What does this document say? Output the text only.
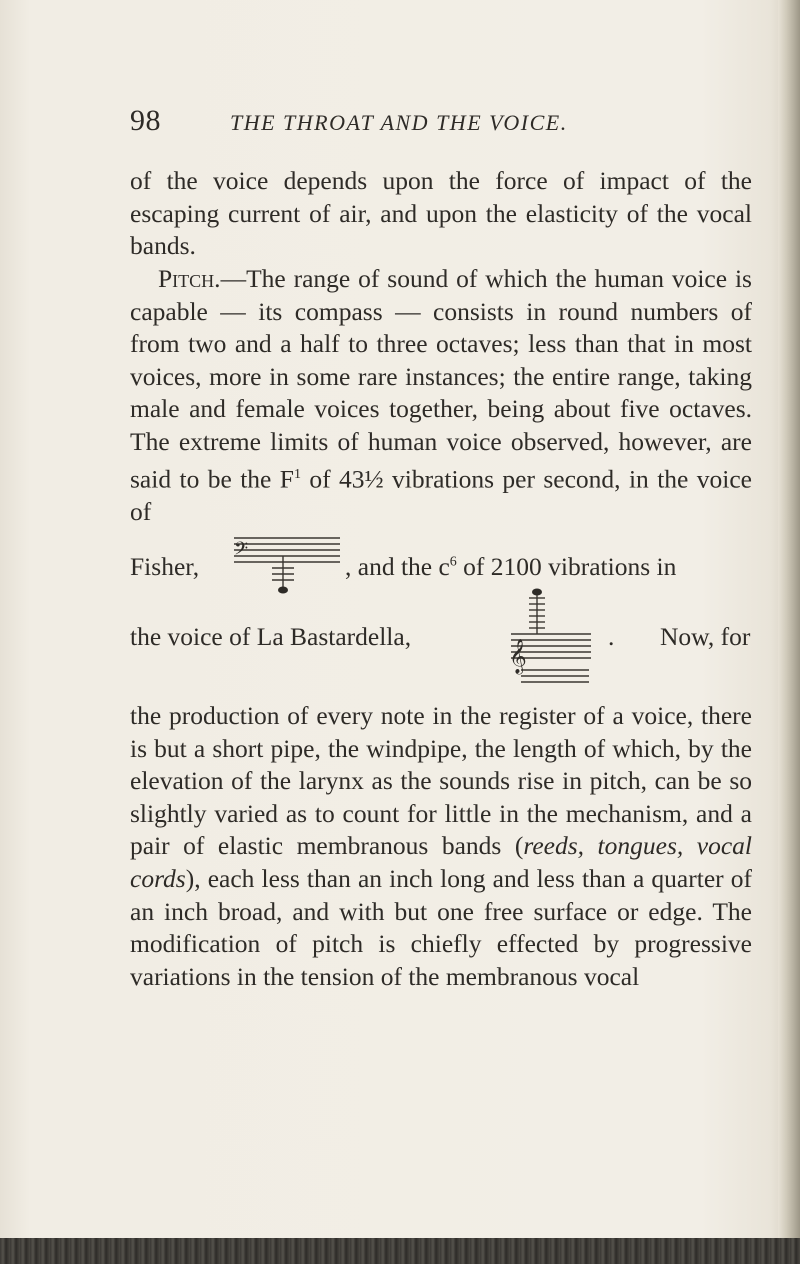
98	THE THROAT AND THE VOICE.

of the voice depends upon the force of impact of the escaping current of air, and upon the elasticity of the vocal bands.

Pitch.—The range of sound of which the human voice is capable — its compass — consists in round numbers of from two and a half to three octaves; less than that in most voices, more in some rare instances; the entire range, taking male and female voices together, being about five octaves. The extreme limits of human voice observed, however, are said to be the $F^1$ of 43½ vibrations per second, in the voice of

Fisher,
𝄢
, and the $c^6$ of 2100 vibrations in
the voice of La Bastardella,
𝄞
. Now, for

the production of every note in the register of a voice, there is but a short pipe, the windpipe, the length of which, by the elevation of the larynx as the sounds rise in pitch, can be so slightly varied as to count for little in the mechanism, and a pair of elastic membranous bands (reeds, tongues, vocal cords), each less than an inch long and less than a quarter of an inch broad, and with but one free surface or edge. The modification of pitch is chiefly effected by progressive variations in the tension of the membranous vocal
